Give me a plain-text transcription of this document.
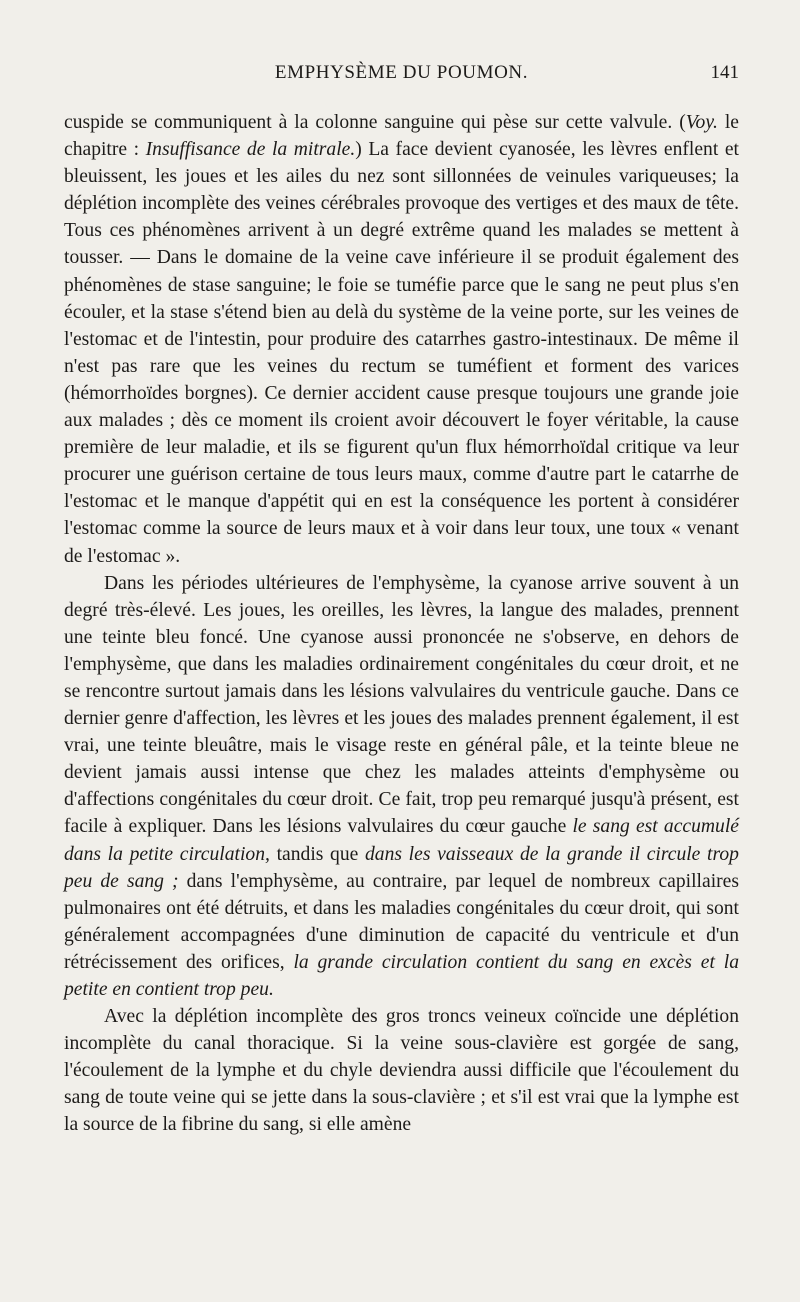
EMPHYSÈME DU POUMON.	141

cuspide se communiquent à la colonne sanguine qui pèse sur cette valvule. (Voy. le chapitre : Insuffisance de la mitrale.) La face devient cyanosée, les lèvres enflent et bleuissent, les joues et les ailes du nez sont sillonnées de veinules variqueuses; la déplétion incomplète des veines cérébrales provoque des vertiges et des maux de tête. Tous ces phénomènes arrivent à un degré extrême quand les malades se mettent à tousser. — Dans le domaine de la veine cave inférieure il se produit également des phénomènes de stase sanguine; le foie se tuméfie parce que le sang ne peut plus s'en écouler, et la stase s'étend bien au delà du système de la veine porte, sur les veines de l'estomac et de l'intestin, pour produire des catarrhes gastro-intestinaux. De même il n'est pas rare que les veines du rectum se tuméfient et forment des varices (hémorrhoïdes borgnes). Ce dernier accident cause presque toujours une grande joie aux malades ; dès ce moment ils croient avoir découvert le foyer véritable, la cause première de leur maladie, et ils se figurent qu'un flux hémorrhoïdal critique va leur procurer une guérison certaine de tous leurs maux, comme d'autre part le catarrhe de l'estomac et le manque d'appétit qui en est la conséquence les portent à considérer l'estomac comme la source de leurs maux et à voir dans leur toux, une toux « venant de l'estomac ».

Dans les périodes ultérieures de l'emphysème, la cyanose arrive souvent à un degré très-élevé. Les joues, les oreilles, les lèvres, la langue des malades, prennent une teinte bleu foncé. Une cyanose aussi prononcée ne s'observe, en dehors de l'emphysème, que dans les maladies ordinairement congénitales du cœur droit, et ne se rencontre surtout jamais dans les lésions valvulaires du ventricule gauche. Dans ce dernier genre d'affection, les lèvres et les joues des malades prennent également, il est vrai, une teinte bleuâtre, mais le visage reste en général pâle, et la teinte bleue ne devient jamais aussi intense que chez les malades atteints d'emphysème ou d'affections congénitales du cœur droit. Ce fait, trop peu remarqué jusqu'à présent, est facile à expliquer. Dans les lésions valvulaires du cœur gauche le sang est accumulé dans la petite circulation, tandis que dans les vaisseaux de la grande il circule trop peu de sang ; dans l'emphysème, au contraire, par lequel de nombreux capillaires pulmonaires ont été détruits, et dans les maladies congénitales du cœur droit, qui sont généralement accompagnées d'une diminution de capacité du ventricule et d'un rétrécissement des orifices, la grande circulation contient du sang en excès et la petite en contient trop peu.

Avec la déplétion incomplète des gros troncs veineux coïncide une déplétion incomplète du canal thoracique. Si la veine sous-clavière est gorgée de sang, l'écoulement de la lymphe et du chyle deviendra aussi difficile que l'écoulement du sang de toute veine qui se jette dans la sous-clavière ; et s'il est vrai que la lymphe est la source de la fibrine du sang, si elle amène
